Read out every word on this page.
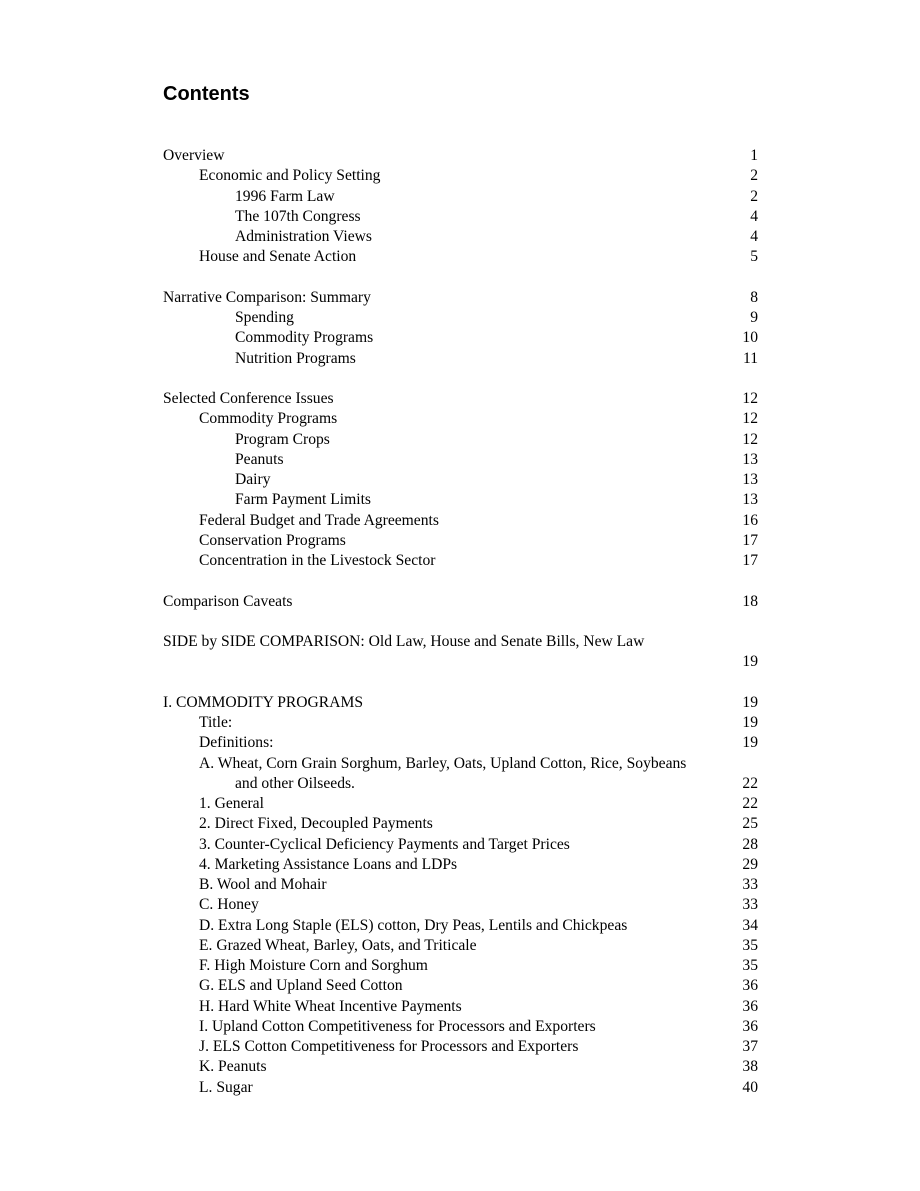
Contents
Overview	1
Economic and Policy Setting	2
1996 Farm Law	2
The 107th Congress	4
Administration Views	4
House and Senate Action	5
Narrative Comparison: Summary	8
Spending	9
Commodity Programs	10
Nutrition Programs	11
Selected Conference Issues	12
Commodity Programs	12
Program Crops	12
Peanuts	13
Dairy	13
Farm Payment Limits	13
Federal Budget and Trade Agreements	16
Conservation Programs	17
Concentration in the Livestock Sector	17
Comparison Caveats	18
SIDE by SIDE COMPARISON: Old Law, House and Senate Bills, New Law
19
I. COMMODITY PROGRAMS	19
Title:	19
Definitions:	19
A. Wheat, Corn Grain Sorghum, Barley, Oats, Upland Cotton, Rice, Soybeans
and other Oilseeds.	22
1. General	22
2. Direct Fixed, Decoupled Payments	25
3. Counter-Cyclical Deficiency Payments and Target Prices	28
4. Marketing Assistance Loans and LDPs	29
B. Wool and Mohair	33
C. Honey	33
D. Extra Long Staple (ELS) cotton, Dry Peas, Lentils and Chickpeas	34
E. Grazed Wheat, Barley, Oats, and Triticale	35
F. High Moisture Corn and Sorghum	35
G. ELS and Upland Seed Cotton	36
H. Hard White Wheat Incentive Payments	36
I. Upland Cotton Competitiveness for Processors and Exporters	36
J. ELS Cotton Competitiveness for Processors and Exporters	37
K. Peanuts	38
L. Sugar	40
